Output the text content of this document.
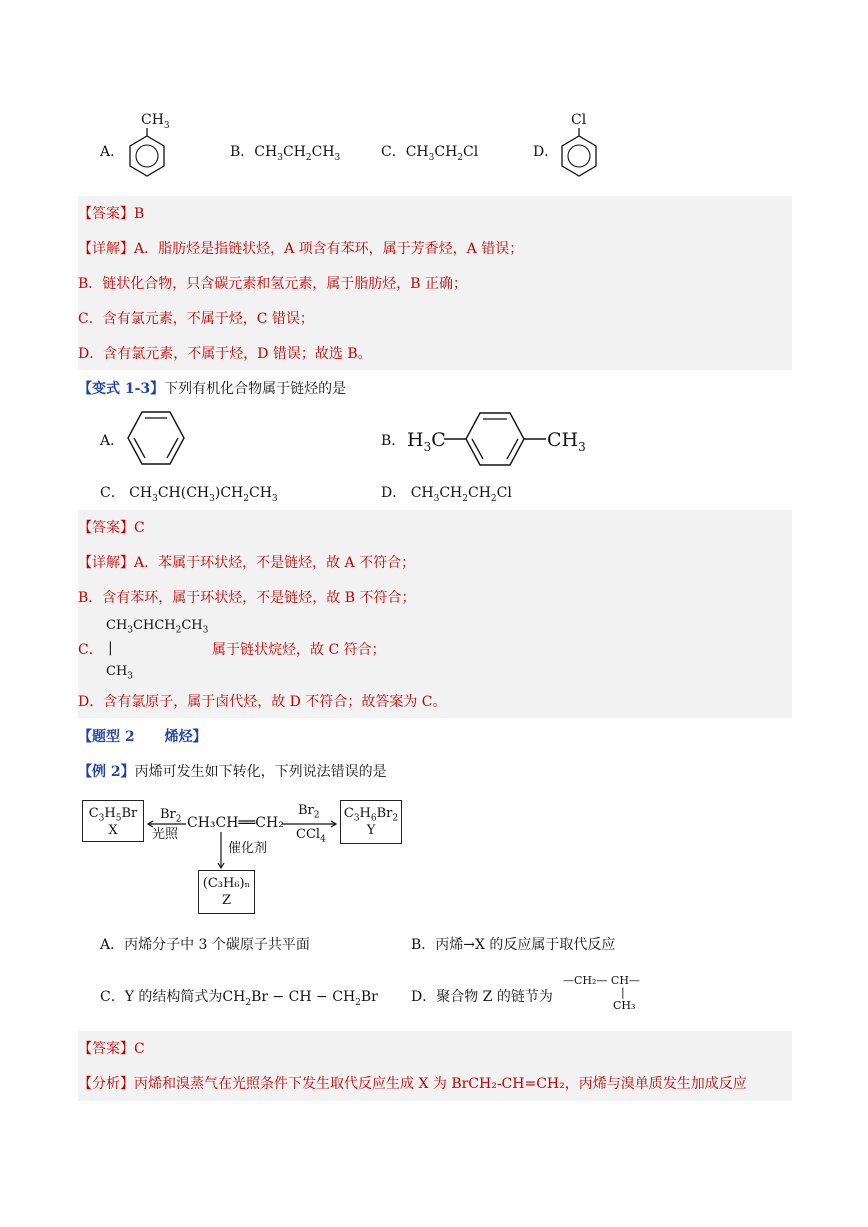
A．
$CH_3$
B．$CH_3CH_2CH_3$	C．$CH_3CH_2Cl$	D．
Cl
【答案】B
【详解】A．脂肪烃是指链状烃，A 项含有苯环，属于芳香烃，A 错误；
B．链状化合物，只含碳元素和氢元素，属于脂肪烃，B 正确；
C．含有氯元素，不属于烃，C 错误；
D．含有氯元素，不属于烃，D 错误；故选 B。
【变式 1-3】下列有机化合物属于链烃的是
A．	B． $H_3C$	$CH_3$
C． $CH_3CH(CH_3)CH_2CH_3$	D． $CH_3CH_2CH_2Cl$
【答案】C
【详解】A．苯属于环状烃，不是链烃，故 A 不符合；
B．含有苯环，属于环状烃，不是链烃，故 B 不符合；
$CH_3CHCH_2CH_3$
C． |	属于链状烷烃，故 C 符合；
$CH_3$
D．含有氯原子，属于卤代烃，故 D 不符合；故答案为 C。
【题型 2 烯烃】
【例 2】丙烯可发生如下转化，下列说法错误的是
$C_3H_5Br$
X
$Br_2$
光照
CH₃CH══CH₂
$Br_2$
CCl$_4$
$C_3H_6Br_2$
Y
催化剂
(C₃H₆)ₙ
Z
A．丙烯分子中 3 个碳原子共平面	B．丙烯→X 的反应属于取代反应
C．Y 的结构简式为$CH_2Br$ − CH − $CH_2Br$ D．聚合物 Z 的链节为
—CH₂— CH—
|
CH₃
【答案】C
【分析】丙烯和溴蒸气在光照条件下发生取代反应生成 X 为 BrCH₂-CH=CH₂，丙烯与溴单质发生加成反应
